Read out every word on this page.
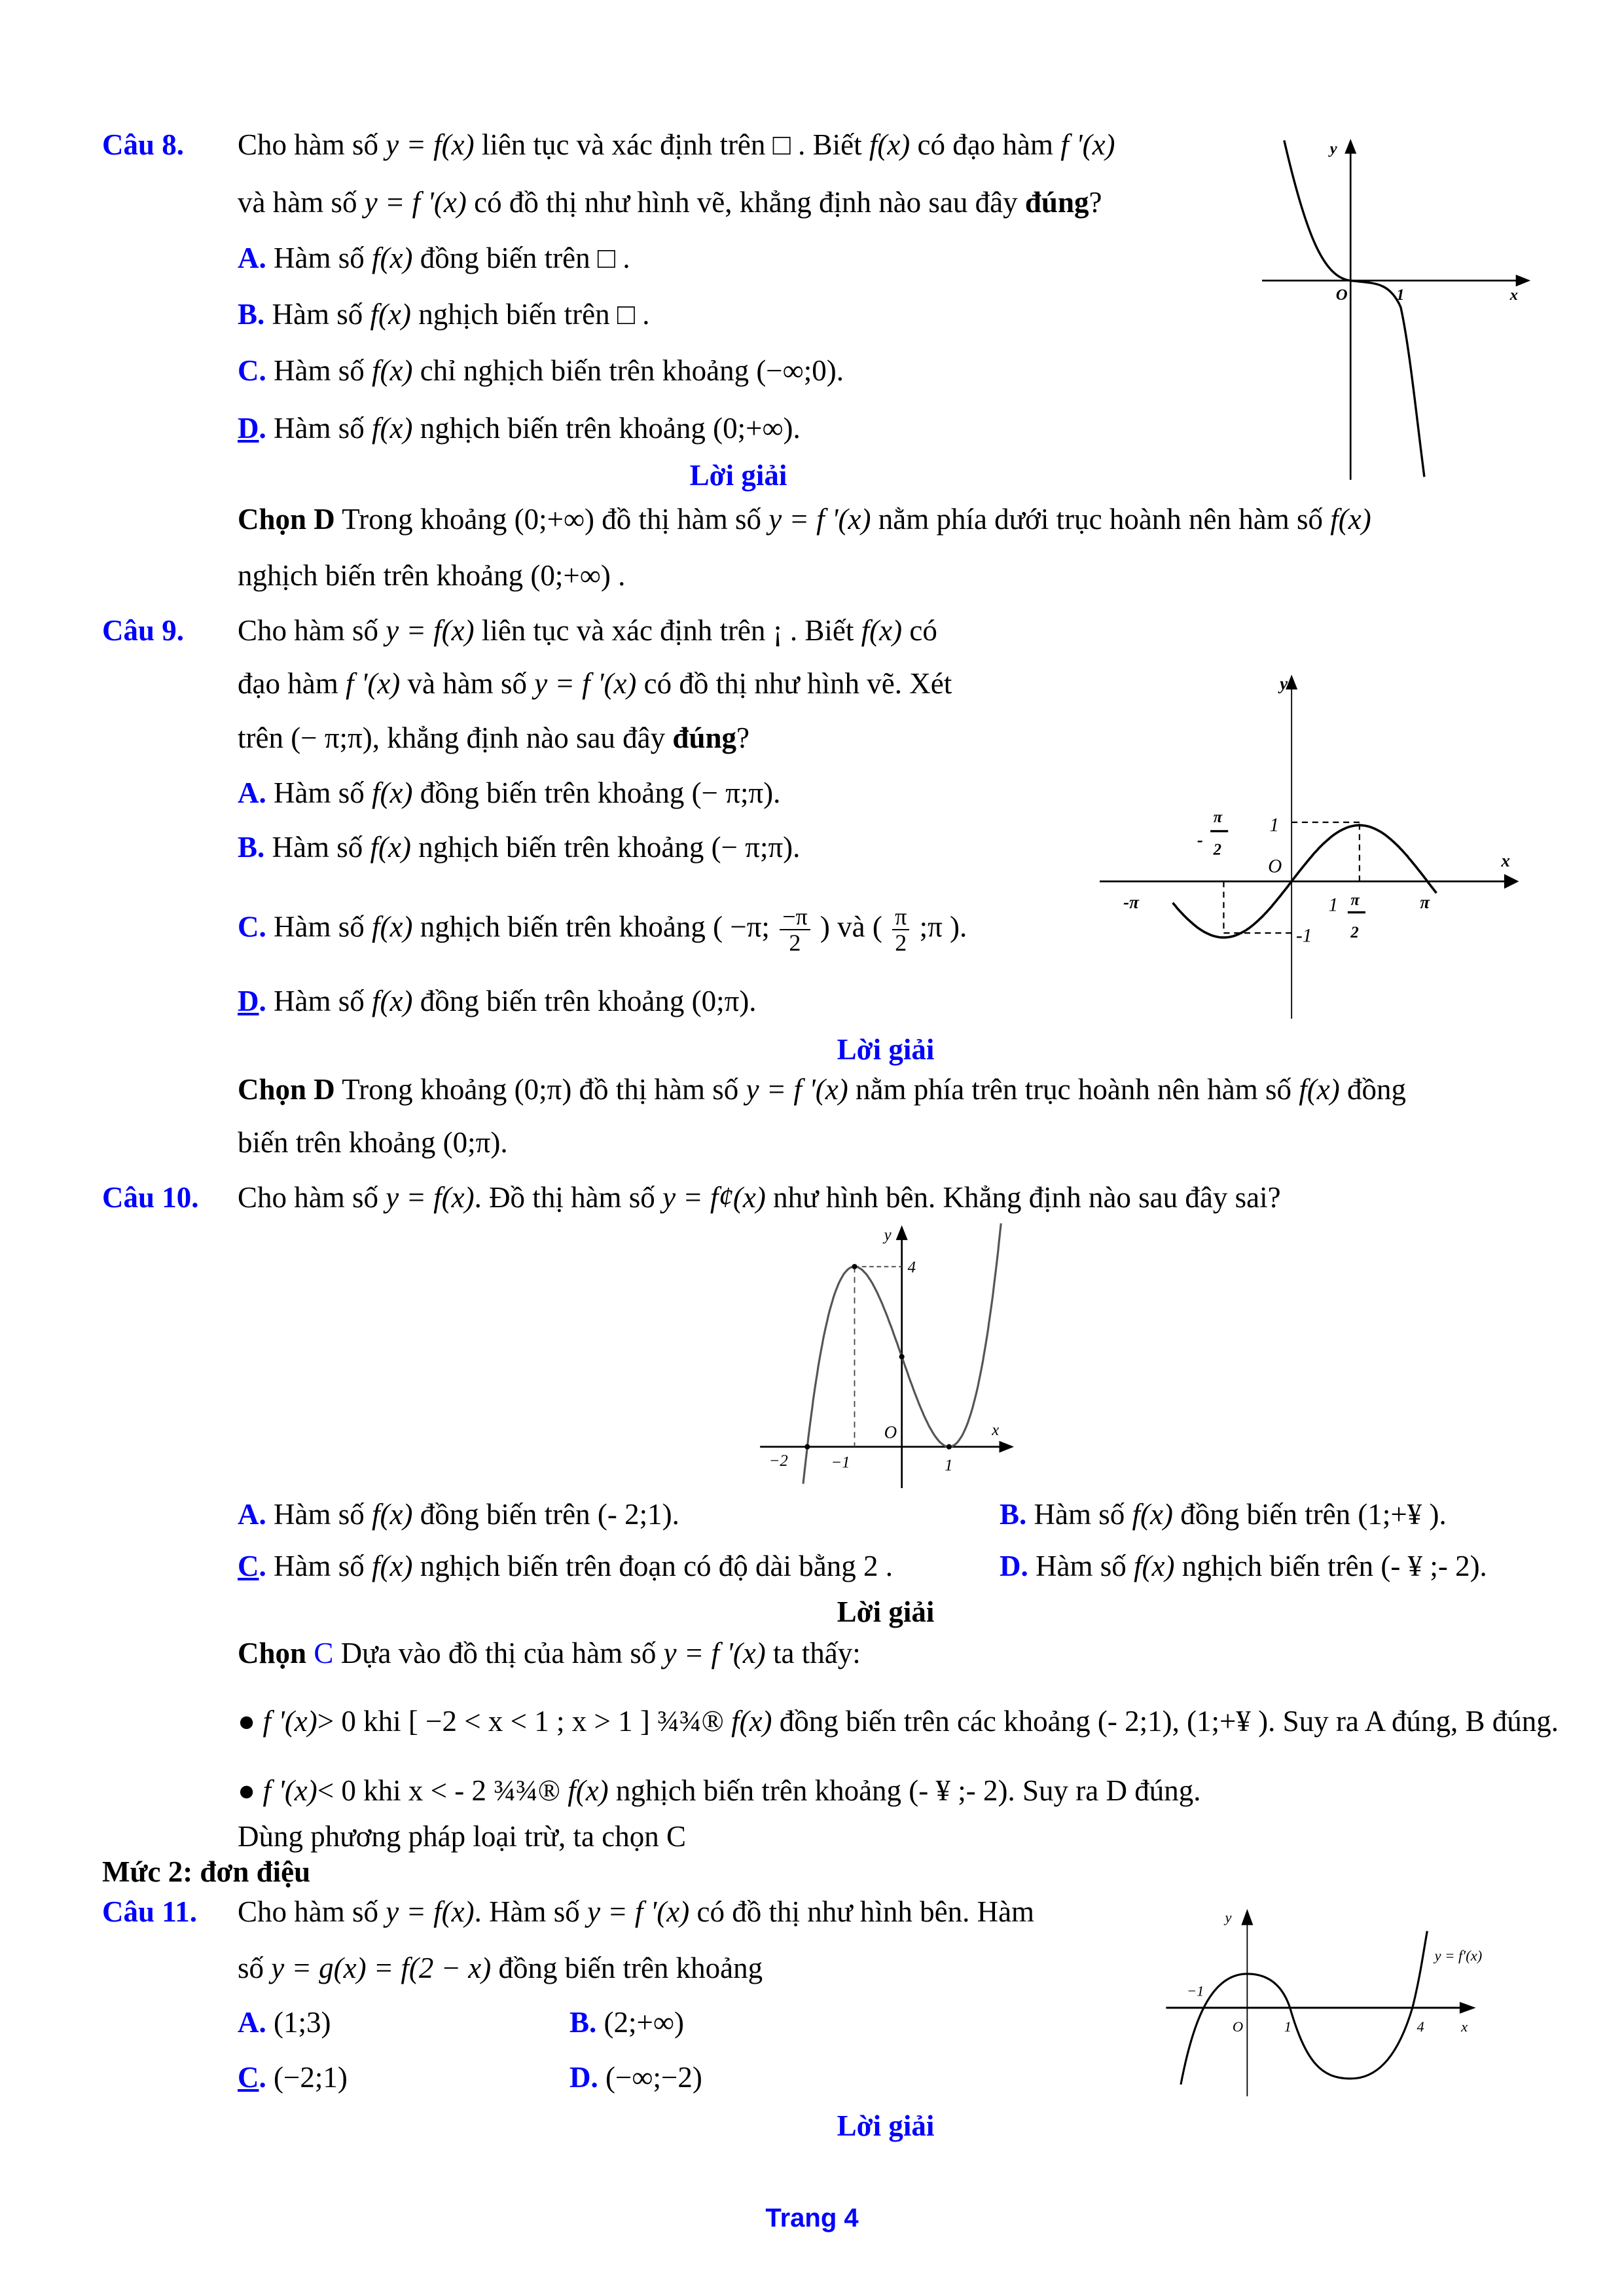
Câu 8. Cho hàm số y = f(x) liên tục và xác định trên □ . Biết f(x) có đạo hàm f '(x)
và hàm số y = f '(x) có đồ thị như hình vẽ, khẳng định nào sau đây đúng?
A. Hàm số f(x) đồng biến trên □ .
B. Hàm số f(x) nghịch biến trên □ .
C. Hàm số f(x) chỉ nghịch biến trên khoảng (−∞;0).
D. Hàm số f(x) nghịch biến trên khoảng (0;+∞).
Lời giải
Chọn D Trong khoảng (0;+∞) đồ thị hàm số y = f '(x) nằm phía dưới trục hoành nên hàm số f(x)
nghịch biến trên khoảng (0;+∞) .
y
O	1	x
Câu 9. Cho hàm số y = f(x) liên tục và xác định trên ¡ . Biết f(x) có
đạo hàm f '(x) và hàm số y = f '(x) có đồ thị như hình vẽ. Xét
trên (− π;π), khẳng định nào sau đây đúng?
A. Hàm số f(x) đồng biến trên khoảng (− π;π).
B. Hàm số f(x) nghịch biến trên khoảng (− π;π).
C. Hàm số f(x) nghịch biến trên khoảng ( −π; $\frac{-\pi}{2}$ ) và ( $\frac{\pi}{2}$ ;π ).
D. Hàm số f(x) đồng biến trên khoảng (0;π).
Lời giải
Chọn D Trong khoảng (0;π) đồ thị hàm số y = f '(x) nằm phía trên trục hoành nên hàm số f(x) đồng
biến trên khoảng (0;π).
y
1
O	x
-
π
2
-π	1 π
2
π
-1
Câu 10. Cho hàm số y = f(x). Đồ thị hàm số y = f¢(x) như hình bên. Khẳng định nào sau đây sai?
y
4
O	x
−2	−1	1
A. Hàm số f(x) đồng biến trên (- 2;1).	B. Hàm số f(x) đồng biến trên (1;+¥ ).
C. Hàm số f(x) nghịch biến trên đoạn có độ dài bằng 2 .	D. Hàm số f(x) nghịch biến trên (- ¥ ;- 2).
Lời giải
Chọn C Dựa vào đồ thị của hàm số y = f '(x) ta thấy:
● f '(x)> 0 khi [ −2 < x < 1 ; x > 1 ] ¾¾® f(x) đồng biến trên các khoảng (- 2;1), (1;+¥ ). Suy ra A đúng, B đúng.
● f '(x)< 0 khi x < - 2 ¾¾® f(x) nghịch biến trên khoảng (- ¥ ;- 2). Suy ra D đúng.
Dùng phương pháp loại trừ, ta chọn C
Mức 2: đơn điệu
Câu 11. Cho hàm số y = f(x). Hàm số y = f '(x) có đồ thị như hình bên. Hàm
số y = g(x) = f(2 − x) đồng biến trên khoảng
A. (1;3)	B. (2;+∞)
C. (−2;1)	D. (−∞;−2)
Lời giải
y
−1
O	1	4	x
y = f′(x)
Trang 4
